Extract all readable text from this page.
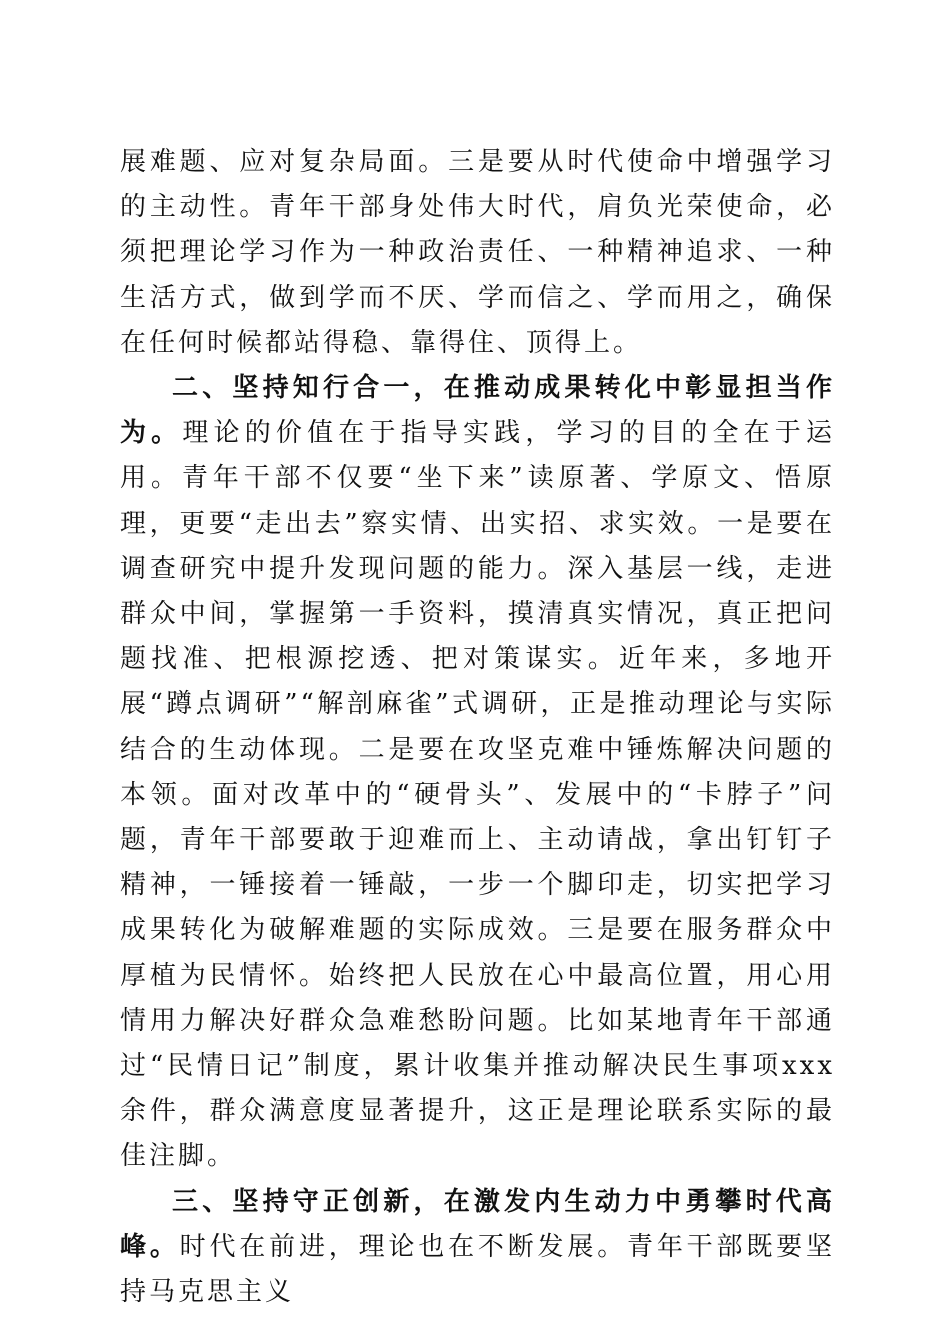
展难题、应对复杂局面。三是要从时代使命中增强学习的主动性。青年干部身处伟大时代，肩负光荣使命，必须把理论学习作为一种政治责任、一种精神追求、一种生活方式，做到学而不厌、学而信之、学而用之，确保在任何时候都站得稳、靠得住、顶得上。

二、坚持知行合一，在推动成果转化中彰显担当作为。理论的价值在于指导实践，学习的目的全在于运用。青年干部不仅要“坐下来”读原著、学原文、悟原理，更要“走出去”察实情、出实招、求实效。一是要在调查研究中提升发现问题的能力。深入基层一线，走进群众中间，掌握第一手资料，摸清真实情况，真正把问题找准、把根源挖透、把对策谋实。近年来，多地开展“蹲点调研”“解剖麻雀”式调研，正是推动理论与实际结合的生动体现。二是要在攻坚克难中锤炼解决问题的本领。面对改革中的“硬骨头”、发展中的“卡脖子”问题，青年干部要敢于迎难而上、主动请战，拿出钉钉子精神，一锤接着一锤敲，一步一个脚印走，切实把学习成果转化为破解难题的实际成效。三是要在服务群众中厚植为民情怀。始终把人民放在心中最高位置，用心用情用力解决好群众急难愁盼问题。比如某地青年干部通过“民情日记”制度，累计收集并推动解决民生事项xxx余件，群众满意度显著提升，这正是理论联系实际的最佳注脚。

三、坚持守正创新，在激发内生动力中勇攀时代高峰。时代在前进，理论也在不断发展。青年干部既要坚持马克思主义
